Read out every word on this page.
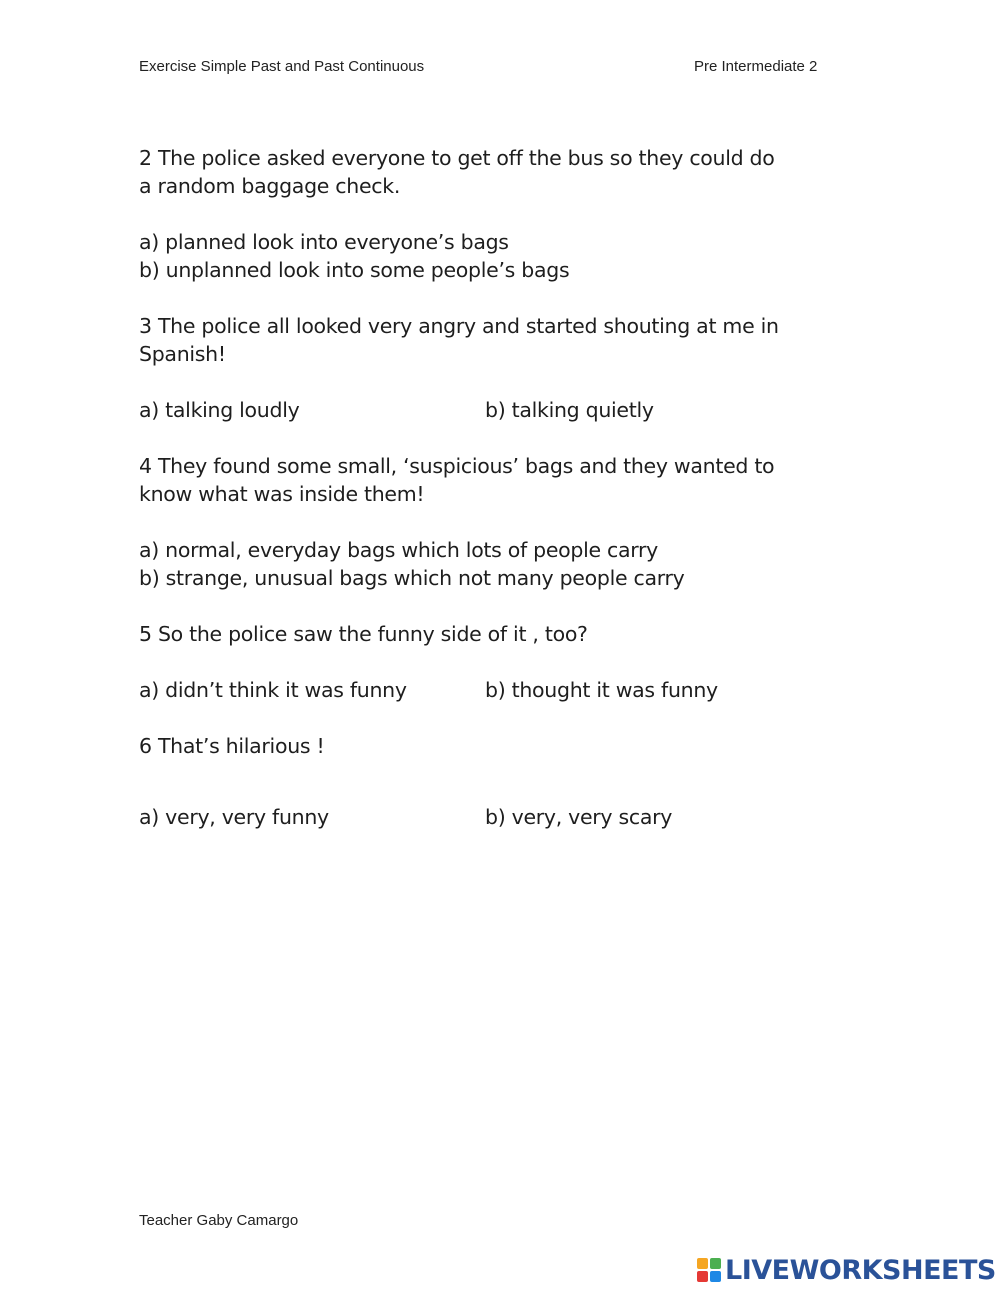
Exercise Simple Past and Past Continuous	Pre Intermediate 2
2 The police asked everyone to get off the bus so they could do
a random baggage check.
a) planned look into everyone’s bags
b) unplanned look into some people’s bags
3 The police all looked very angry and started shouting at me in
Spanish!
a) talking loudly	b) talking quietly
4 They found some small, ‘suspicious’ bags and they wanted to
know what was inside them!
a) normal, everyday bags which lots of people carry
b) strange, unusual bags which not many people carry
5 So the police saw the funny side of it , too?
a) didn’t think it was funny	b) thought it was funny
6 That’s hilarious !
a) very, very funny	b) very, very scary
Teacher Gaby Camargo
LIVEWORKSHEETS
